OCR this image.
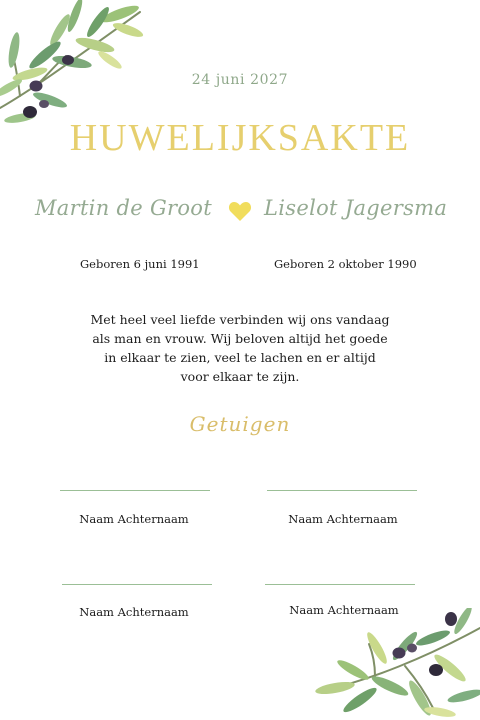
24 juni 2027
HUWELIJKSAKTE
Martin de Groot Liselot Jagersma
Geboren 6 juni 1991	Geboren 2 oktober 1990
Met heel veel liefde verbinden wij ons vandaag
als man en vrouw. Wij beloven altijd het goede
in elkaar te zien, veel te lachen en er altijd
voor elkaar te zijn.
Getuigen
Naam Achternaam	Naam Achternaam
Naam Achternaam	Naam Achternaam
